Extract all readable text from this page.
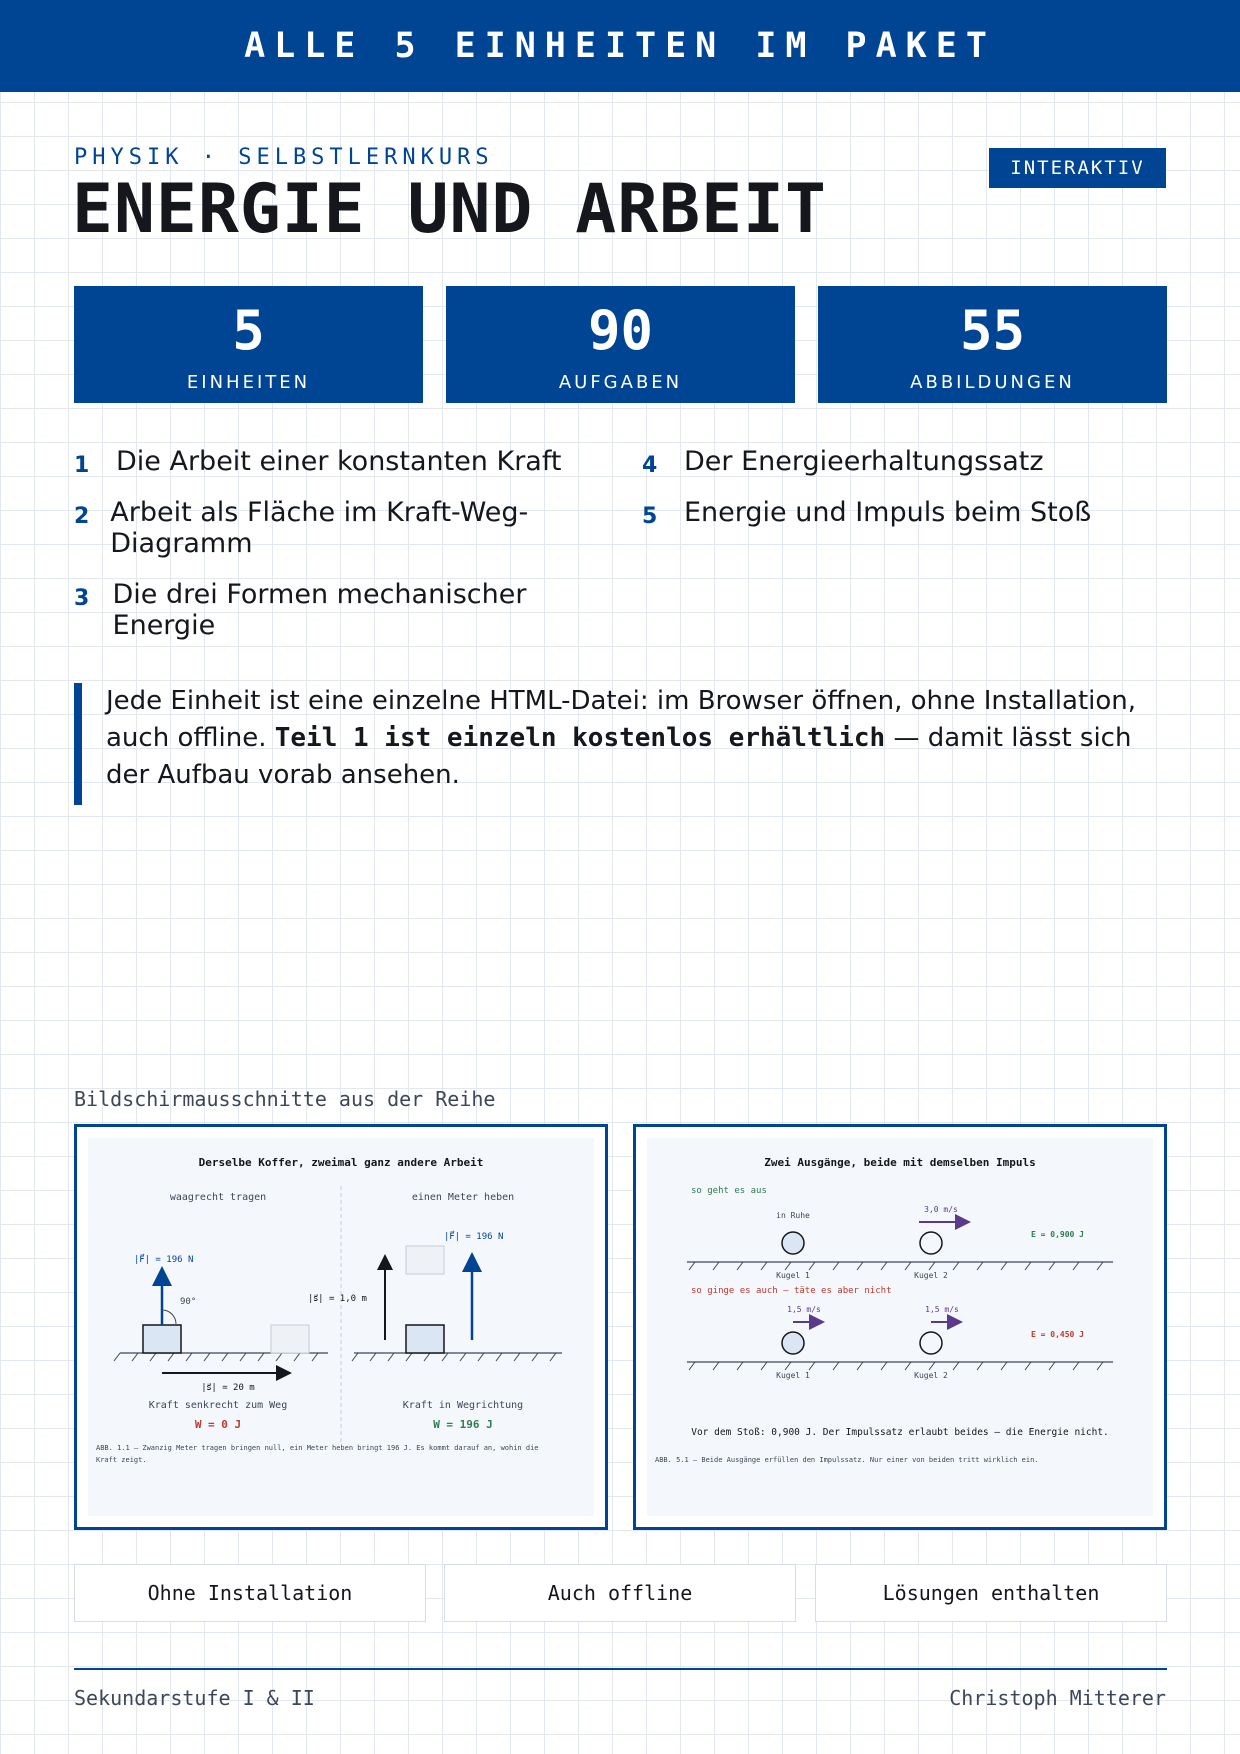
ALLE 5 EINHEITEN IM PAKET
PHYSIK · SELBSTLERNKURS
ENERGIE UND ARBEIT
INTERAKTIV
5
EINHEITEN
90
AUFGABEN
55
ABBILDUNGEN
1 Die Arbeit einer konstanten Kraft
2 Arbeit als Fläche im Kraft-Weg-Diagramm
3 Die drei Formen mechanischer Energie
4 Der Energieerhaltungssatz
5 Energie und Impuls beim Stoß
Jede Einheit ist eine einzelne HTML-Datei: im Browser öffnen, ohne Installation, auch offline. Teil 1 ist einzeln kostenlos erhältlich — damit lässt sich der Aufbau vorab ansehen.
Bildschirmausschnitte aus der Reihe
Derselbe Koffer, zweimal ganz andere Arbeit
waagrecht tragen	einen Meter heben
90°
|F⃗| = 196 N
|s⃗| = 20 m
Kraft senkrecht zum Weg
W = 0 J
|s⃗| = 1,0 m
|F⃗| = 196 N
Kraft in Wegrichtung
W = 196 J
ABB. 1.1 – Zwanzig Meter tragen bringen null, ein Meter heben bringt 196 J. Es kommt darauf an, wohin die
Kraft zeigt.
Zwei Ausgänge, beide mit demselben Impuls
so geht es aus
in Ruhe
3,0 m/s
E = 0,900 J
Kugel 1	Kugel 2
so ginge es auch – täte es aber nicht
1,5 m/s	1,5 m/s
E = 0,450 J
Kugel 1	Kugel 2
Vor dem Stoß: 0,900 J. Der Impulssatz erlaubt beides – die Energie nicht.
ABB. 5.1 – Beide Ausgänge erfüllen den Impulssatz. Nur einer von beiden tritt wirklich ein.
Ohne Installation	Auch offline	Lösungen enthalten
Sekundarstufe I & II	Christoph Mitterer
